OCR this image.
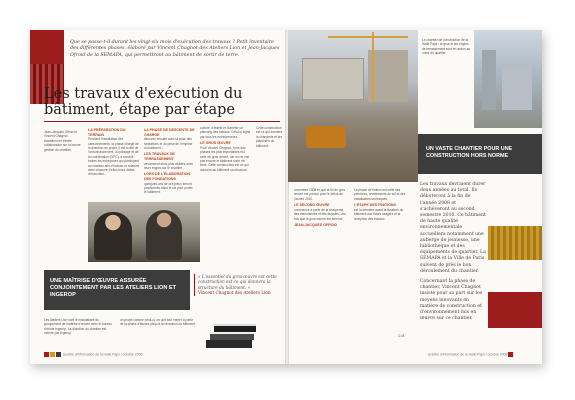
Que se passe-t-il durant les vingt-six mois d'exécution des travaux ? Petit inventaire des différentes phases, élaboré par Vincent Chagnot des Ateliers Lion et Jean-Jacques Ofroid de la SEMAPA, qui permettront au bâtiment de sortir de terre.
Les travaux d'exécution du bâtiment, étape par étape
Jean-Jacques Ofroid et Vincent Chagnot travaillent en étroite collaboration sur la bonne gestion du chantier.
LA PRÉPARATION DU TERRAIN
Pendant l'installation des cantonnements, la phase chargé de la direction de projet, il est à dire de l'ordonnancement, du pilotage et de la coordination (OPC), a conduit toutes les entreprises qui participent au chantier afin d'évaluer et relancer avec chacune d'elles leurs délais d'exécution...
LA PHASE DE DESCENTE DE CHARGE
démarre ensuite avec la pose des fondations et du prise de l'emprise du bâtiment...
LES TRAVAUX DE TERRASSEMENT
deviennent alors plus visibles avec leurs engins sur le chantier...
LORS DE L'ÉLABORATION DES FONDATIONS
quelques-uns de ces pieux seront positionnés dans le sol pour porter le bâtiment.
culture, d'établir et d'arrêter un planning des travaux. Celui-ci signé par tous les entrepreneurs.
LE GROS ŒUVRE
Pour Vincent Chagnot, l'une des phases les plus importantes est celle du gros œuvre, car on ne voit pas encore le bâtiment sortir de terre. Cette construction est ce qui donnera au bâtiment sa structure.
Cette construction est ce qui donnera la charpente et les planchers du bâtiment.
UNE MAÎTRISE D'ŒUVRE ASSURÉE CONJOINTEMENT PAR LES ATELIERS LION ET INGEROP
« L'essentiel du gros-œuvre est cette construction est ce qui donnera la structure du bâtiment. »
Vincent Chagnot des Ateliers Lion
Les Ateliers Lion sont le mandataire du groupement de maîtrise d'œuvre avec le bureau d'étude Ingerop. La direction du chantier est menée par Ingerop.
un projet comme celui-ci, on doit tout mener à partir de la phase d'études jusqu'à la réception du bâtiment.
la lettre d'information de la Halle Pajol / octobre 2008
Le chantier de construction de la Halle Pajol : la grue et les engins de terrassement sont en action au cœur du quartier.
UN VASTE CHANTIER POUR UNE CONSTRUCTION HORS NORME
novembre 2008 et que la fin du gros œuvre est prévue pour le début de l'année 2010.
LE SECOND ŒUVRE
commence à partir de la charpente, des menuiseries et des façades, une fois que le gros œuvre est terminé.
JEAN-JACQUES OFROID
La phase de finition est celle des peintures, revêtements de sol et des installations techniques.
L'ÉTAPE DES FINITIONS
est la dernière avant la livraison du bâtiment aux futurs usagers et la réception des travaux.
Les travaux devraient durer deux années au total. Ils débuteront à la fin de l'année 2008 et s'achèveront au second semestre 2010. Ce bâtiment de haute qualité environnementale accueillera notamment une auberge de jeunesse, une bibliothèque et des équipements de quartier. La SEMAPA et la Ville de Paris suivent de près le bon déroulement du chantier.
Concernant la phase de chantier, Vincent Chagnot insiste pour sa part sur les moyens innovants en matière de construction et d'environnement mis en œuvre sur ce chantier.
C.M.
la lettre d'information de la Halle Pajol / octobre 2008
